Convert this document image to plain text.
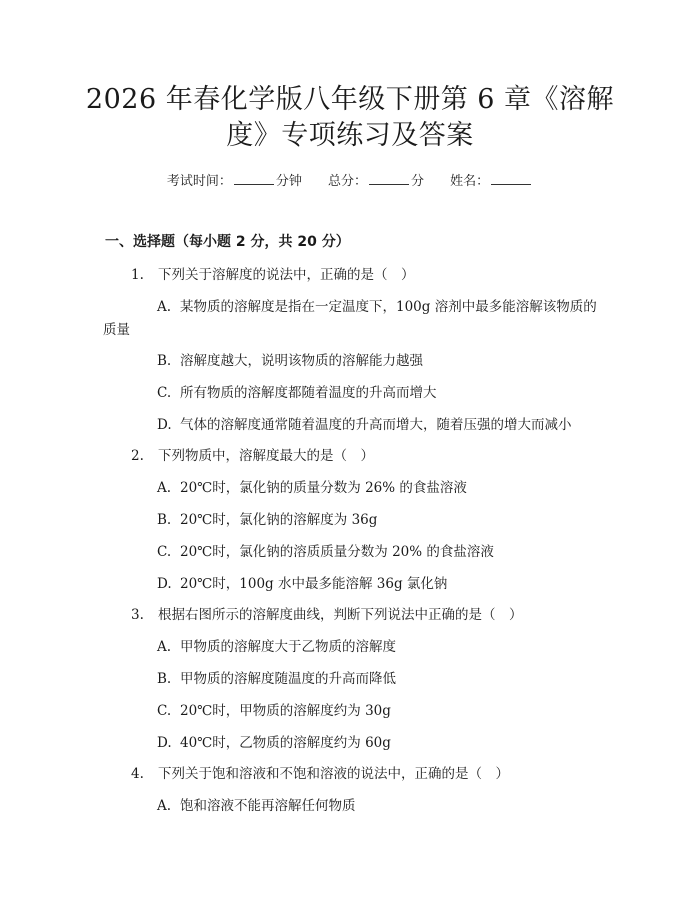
2026 年春化学版八年级下册第 6 章《溶解
度》专项练习及答案
考试时间：	分钟 总分：	分 姓名：
一、选择题（每小题 2 分，共 20 分）
1. 下列关于溶解度的说法中，正确的是（　）
A. 某物质的溶解度是指在一定温度下，100g 溶剂中最多能溶解该物质的
质量
B. 溶解度越大，说明该物质的溶解能力越强
C. 所有物质的溶解度都随着温度的升高而增大
D. 气体的溶解度通常随着温度的升高而增大，随着压强的增大而减小
2. 下列物质中，溶解度最大的是（　）
A. 20℃时，氯化钠的质量分数为 26% 的食盐溶液
B. 20℃时，氯化钠的溶解度为 36g
C. 20℃时，氯化钠的溶质质量分数为 20% 的食盐溶液
D. 20℃时，100g 水中最多能溶解 36g 氯化钠
3. 根据右图所示的溶解度曲线，判断下列说法中正确的是（　）
A. 甲物质的溶解度大于乙物质的溶解度
B. 甲物质的溶解度随温度的升高而降低
C. 20℃时，甲物质的溶解度约为 30g
D. 40℃时，乙物质的溶解度约为 60g
4. 下列关于饱和溶液和不饱和溶液的说法中，正确的是（　）
A. 饱和溶液不能再溶解任何物质
